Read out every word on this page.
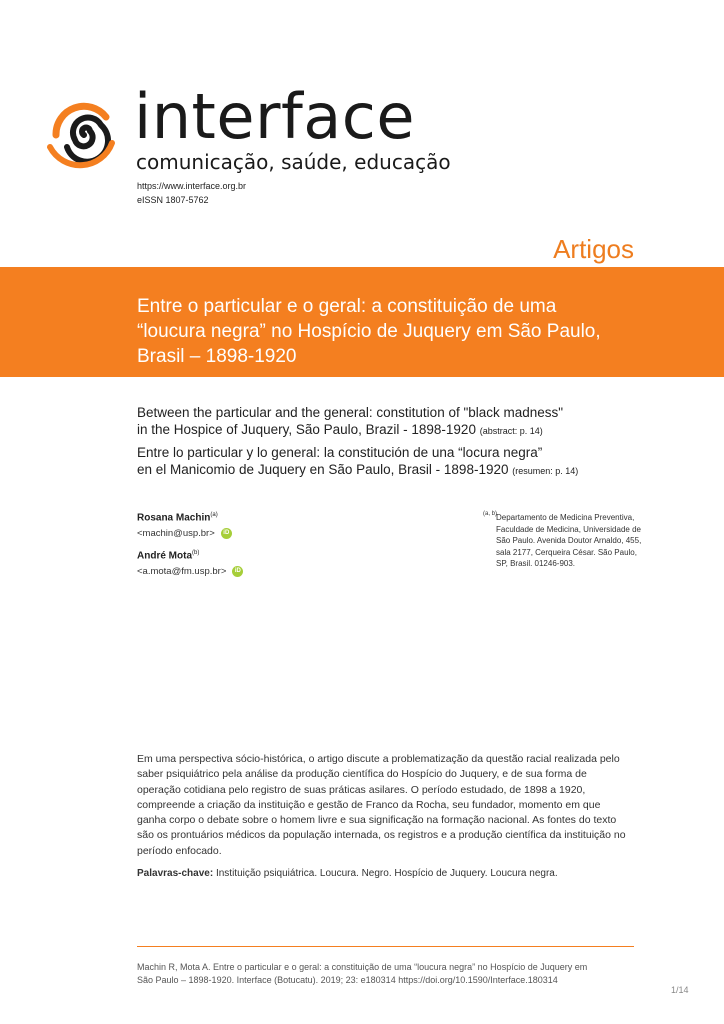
interface
comunicação, saúde, educação
https://www.interface.org.br
eISSN 1807-5762
Artigos
Entre o particular e o geral: a constituição de uma
“loucura negra” no Hospício de Juquery em São Paulo,
Brasil – 1898-1920
Between the particular and the general: constitution of "black madness"
in the Hospice of Juquery, São Paulo, Brazil - 1898-1920 (abstract: p. 14)
Entre lo particular y lo general: la constitución de una “locura negra”
en el Manicomio de Juquery en São Paulo, Brasil - 1898-1920 (resumen: p. 14)
Rosana Machin$^{(a)}$
<machin@usp.br> iD
André Mota$^{(b)}$
<a.mota@fm.usp.br> iD
(a, b)
Departamento de Medicina Preventiva, Faculdade de Medicina, Universidade de São Paulo. Avenida Doutor Arnaldo, 455, sala 2177, Cerqueira César. São Paulo, SP, Brasil. 01246-903.
Em uma perspectiva sócio-histórica, o artigo discute a problematização da questão racial realizada pelo saber psiquiátrico pela análise da produção científica do Hospício do Juquery, e de sua forma de operação cotidiana pelo registro de suas práticas asilares. O período estudado, de 1898 a 1920, compreende a criação da instituição e gestão de Franco da Rocha, seu fundador, momento em que ganha corpo o debate sobre o homem livre e sua significação na formação nacional. As fontes do texto são os prontuários médicos da população internada, os registros e a produção científica da instituição no período enfocado.
Palavras-chave: Instituição psiquiátrica. Loucura. Negro. Hospício de Juquery. Loucura negra.
Machin R, Mota A. Entre o particular e o geral: a constituição de uma “loucura negra” no Hospício de Juquery em
São Paulo – 1898-1920. Interface (Botucatu). 2019; 23: e180314 https://doi.org/10.1590/Interface.180314
1/14
